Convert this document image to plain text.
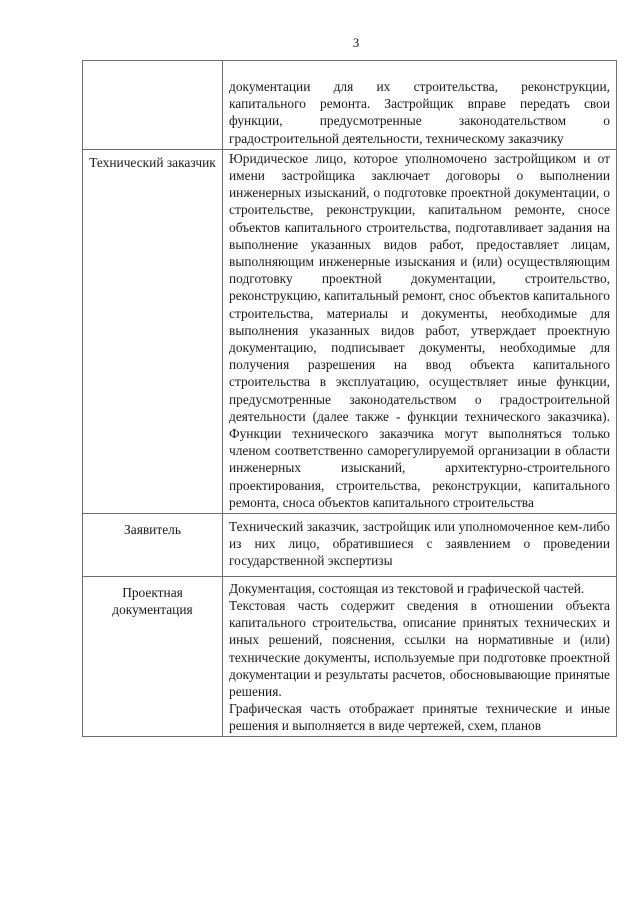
3

	документации для их строительства, реконструкции, капитального ремонта. Застройщик вправе передать свои функции, предусмотренные законодательством о градостроительной деятельности, техническому заказчику

Технический заказчик	Юридическое лицо, которое уполномочено застройщиком и от имени застройщика заключает договоры о выполнении инженерных изысканий, о подготовке проектной документации, о строительстве, реконструкции, капитальном ремонте, сносе объектов капитального строительства, подготавливает задания на выполнение указанных видов работ, предоставляет лицам, выполняющим инженерные изыскания и (или) осуществляющим подготовку проектной документации, строительство, реконструкцию, капитальный ремонт, снос объектов капитального строительства, материалы и документы, необходимые для выполнения указанных видов работ, утверждает проектную документацию, подписывает документы, необходимые для получения разрешения на ввод объекта капитального строительства в эксплуатацию, осуществляет иные функции, предусмотренные законодательством о градостроительной деятельности (далее также - функции технического заказчика). Функции технического заказчика могут выполняться только членом соответственно саморегулируемой организации в области инженерных изысканий, архитектурно-строительного проектирования, строительства, реконструкции, капитального ремонта, сноса объектов капитального строительства

Заявитель	Технический заказчик, застройщик или уполномоченное кем-либо из них лицо, обратившиеся с заявлением о проведении государственной экспертизы

Проектная документация	Документация, состоящая из текстовой и графической частей.
Текстовая часть содержит сведения в отношении объекта капитального строительства, описание принятых технических и иных решений, пояснения, ссылки на нормативные и (или) технические документы, используемые при подготовке проектной документации и результаты расчетов, обосновывающие принятые решения.
Графическая часть отображает принятые технические и иные решения и выполняется в виде чертежей, схем, планов
